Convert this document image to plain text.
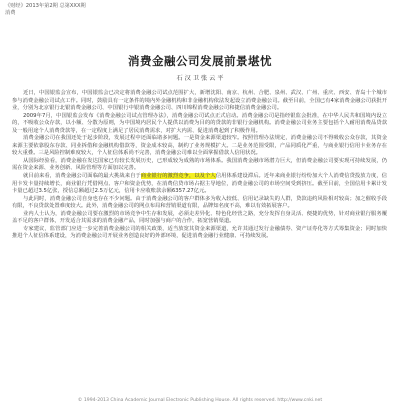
《财经》2013年第2期 总第XXX期
消费
消费金融公司发展前景堪忧
石 汉 卫 张 云 平

近日，中国银监会宣布，中国银监会已决定将消费金融公司试点范围扩大，新增沈阳、南京、杭州、合肥、泉州、武汉、广州、重庆、西安、青岛十个城市参与消费金融公司试点工作。同时，鼓励具有一定条件的境内外金融机构和非金融机构依法发起设立消费金融公司。截至目前，全国已有4家消费金融公司获批开业，分别为北京银行北银消费金融公司、中国银行中银消费金融公司、四川锦程消费金融公司和捷信消费金融公司。

2009年7月，中国银监会发布《消费金融公司试点管理办法》，消费金融公司试点正式启动。消费金融公司是指经银监会批准，在中华人民共和国境内设立的，不吸收公众存款，以小额、分散为原则，为中国境内居民个人提供以消费为目的的贷款的非银行金融机构。消费金融公司业务主要包括个人耐用消费品贷款及一般用途个人消费贷款等，在一定程度上满足了居民消费需求，对扩大内需、促进消费起到了积极作用。

消费金融公司在我国还处于起步阶段，发展过程中还面临诸多问题。一是资金来源渠道较窄。按照管理办法规定，消费金融公司不得吸收公众存款，其资金来源主要依靠股东存款、同业拆借和金融机构借款等，资金成本较高，制约了业务规模扩大。二是业务范围受限，产品同质化严重，与商业银行信用卡业务存在较大重叠。三是风险控制难度较大，个人征信体系尚不完善，消费金融公司难以全面掌握借款人信用状况。

从国际经验看，消费金融在发达国家已有较长发展历史，已形成较为成熟的市场体系。我国消费金融市场潜力巨大，但消费金融公司要实现可持续发展，仍需在资金来源、业务创新、风险管理等方面加以完善。

就目前来看，消费金融公司面临的最大挑战来自于商业银行的激烈竞争，以及个人信用体系建设滞后。近年来商业银行纷纷加大个人消费信贷投放力度，信用卡发卡量持续增长，商业银行凭借网点、客户和资金优势，在消费信贷市场占据主导地位，消费金融公司的市场空间受到挤压。截至目前，全国信用卡累计发卡量已超过3.5亿张，授信总额超过2.5万亿元，信用卡应收账款余额6357.27亿元。

与此同时，消费金融公司自身也存在不少问题。由于消费金融公司的客户群体多为收入较低、信用记录缺失的人群，贷款违约风险相对较高；加之催收手段有限，不良贷款处置难度较大。此外，消费金融公司的网点布局和营销渠道有限，品牌知名度不高，难以有效拓展客户。

业内人士认为，消费金融公司要在激烈的市场竞争中生存和发展，必须走差异化、特色化经营之路，充分发挥自身灵活、便捷的优势，针对商业银行服务覆盖不足的客户群体，开发适合其需求的消费金融产品，同时加强与商户的合作，拓宽营销渠道。

专家建议，监管部门应进一步完善消费金融公司的相关政策，适当放宽其资金来源渠道，允许其通过发行金融债券、资产证券化等方式筹集资金；同时加快推进个人征信体系建设，为消费金融公司开展业务创造良好的外部环境，促进消费金融行业健康、可持续发展。

© 1994-2013 China Academic Journal Electronic Publishing House. All rights reserved. http://www.cnki.net
